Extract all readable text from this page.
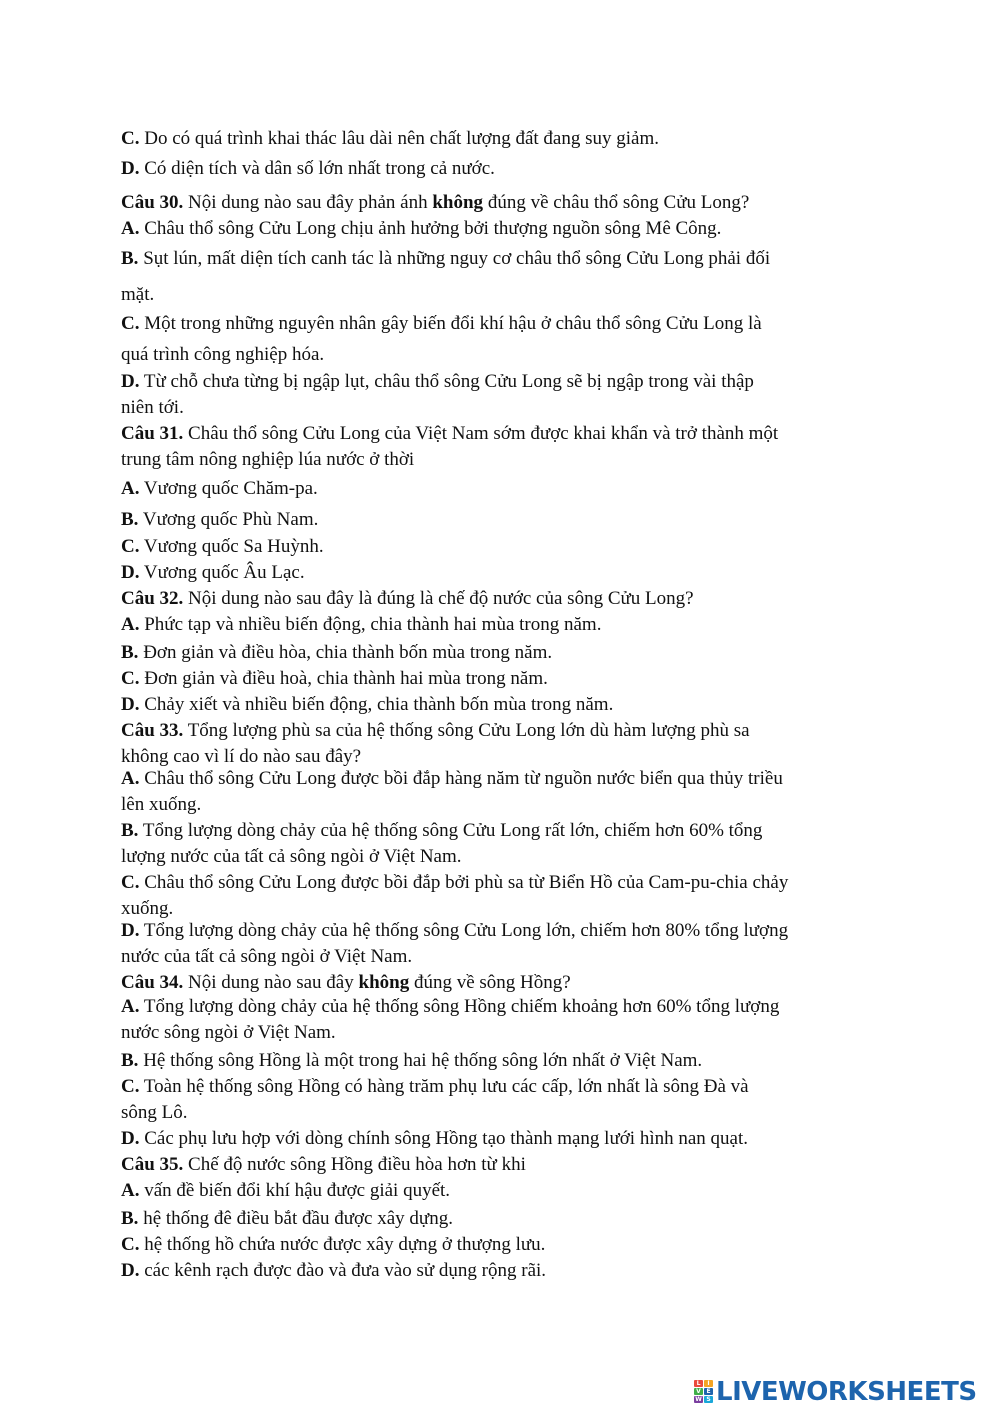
C. Do có quá trình khai thác lâu dài nên chất lượng đất đang suy giảm.
D. Có diện tích và dân số lớn nhất trong cả nước.
Câu 30. Nội dung nào sau đây phản ánh không đúng về châu thổ sông Cửu Long?
A. Châu thổ sông Cửu Long chịu ảnh hưởng bởi thượng nguồn sông Mê Công.
B. Sụt lún, mất diện tích canh tác là những nguy cơ châu thổ sông Cửu Long phải đối
mặt.
C. Một trong những nguyên nhân gây biến đổi khí hậu ở châu thổ sông Cửu Long là
quá trình công nghiệp hóa.
D. Từ chỗ chưa từng bị ngập lụt, châu thổ sông Cửu Long sẽ bị ngập trong vài thập
niên tới.
Câu 31. Châu thổ sông Cửu Long của Việt Nam sớm được khai khẩn và trở thành một
trung tâm nông nghiệp lúa nước ở thời
A. Vương quốc Chăm-pa.
B. Vương quốc Phù Nam.
C. Vương quốc Sa Huỳnh.
D. Vương quốc Âu Lạc.
Câu 32. Nội dung nào sau đây là đúng là chế độ nước của sông Cửu Long?
A. Phức tạp và nhiều biến động, chia thành hai mùa trong năm.
B. Đơn giản và điều hòa, chia thành bốn mùa trong năm.
C. Đơn giản và điều hoà, chia thành hai mùa trong năm.
D. Chảy xiết và nhiều biến động, chia thành bốn mùa trong năm.
Câu 33. Tổng lượng phù sa của hệ thống sông Cửu Long lớn dù hàm lượng phù sa
không cao vì lí do nào sau đây?
A. Châu thổ sông Cửu Long được bồi đắp hàng năm từ nguồn nước biển qua thủy triều
lên xuống.
B. Tổng lượng dòng chảy của hệ thống sông Cửu Long rất lớn, chiếm hơn 60% tổng
lượng nước của tất cả sông ngòi ở Việt Nam.
C. Châu thổ sông Cửu Long được bồi đắp bởi phù sa từ Biển Hồ của Cam-pu-chia chảy
xuống.
D. Tổng lượng dòng chảy của hệ thống sông Cửu Long lớn, chiếm hơn 80% tổng lượng
nước của tất cả sông ngòi ở Việt Nam.
Câu 34. Nội dung nào sau đây không đúng về sông Hồng?
A. Tổng lượng dòng chảy của hệ thống sông Hồng chiếm khoảng hơn 60% tổng lượng
nước sông ngòi ở Việt Nam.
B. Hệ thống sông Hồng là một trong hai hệ thống sông lớn nhất ở Việt Nam.
C. Toàn hệ thống sông Hồng có hàng trăm phụ lưu các cấp, lớn nhất là sông Đà và
sông Lô.
D. Các phụ lưu hợp với dòng chính sông Hồng tạo thành mạng lưới hình nan quạt.
Câu 35. Chế độ nước sông Hồng điều hòa hơn từ khi
A. vấn đề biến đổi khí hậu được giải quyết.
B. hệ thống đê điều bắt đầu được xây dựng.
C. hệ thống hồ chứa nước được xây dựng ở thượng lưu.
D. các kênh rạch được đào và đưa vào sử dụng rộng rãi.
L	I
V E
W S LIVEWORKSHEETS
